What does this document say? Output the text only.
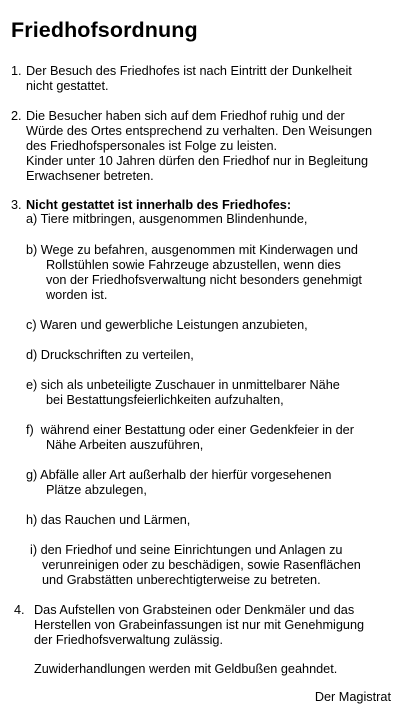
Friedhofsordnung
1. Der Besuch des Friedhofes ist nach Eintritt der Dunkelheit
nicht gestattet.
2. Die Besucher haben sich auf dem Friedhof ruhig und der
Würde des Ortes entsprechend zu verhalten. Den Weisungen
des Friedhofspersonales ist Folge zu leisten.
Kinder unter 10 Jahren dürfen den Friedhof nur in Begleitung
Erwachsener betreten.
3. Nicht gestattet ist innerhalb des Friedhofes:
a) Tiere mitbringen, ausgenommen Blindenhunde,
b) Wege zu befahren, ausgenommen mit Kinderwagen und
Rollstühlen sowie Fahrzeuge abzustellen, wenn dies
von der Friedhofsverwaltung nicht besonders genehmigt
worden ist.
c) Waren und gewerbliche Leistungen anzubieten,
d) Druckschriften zu verteilen,
e) sich als unbeteiligte Zuschauer in unmittelbarer Nähe
bei Bestattungsfeierlichkeiten aufzuhalten,
f)  während einer Bestattung oder einer Gedenkfeier in der
Nähe Arbeiten auszuführen,
g) Abfälle aller Art außerhalb der hierfür vorgesehenen
Plätze abzulegen,
h) das Rauchen und Lärmen,
i) den Friedhof und seine Einrichtungen und Anlagen zu
verunreinigen oder zu beschädigen, sowie Rasenflächen
und Grabstätten unberechtigterweise zu betreten.
4. Das Aufstellen von Grabsteinen oder Denkmäler und das
Herstellen von Grabeinfassungen ist nur mit Genehmigung
der Friedhofsverwaltung zulässig.
Zuwiderhandlungen werden mit Geldbußen geahndet.
Der Magistrat
